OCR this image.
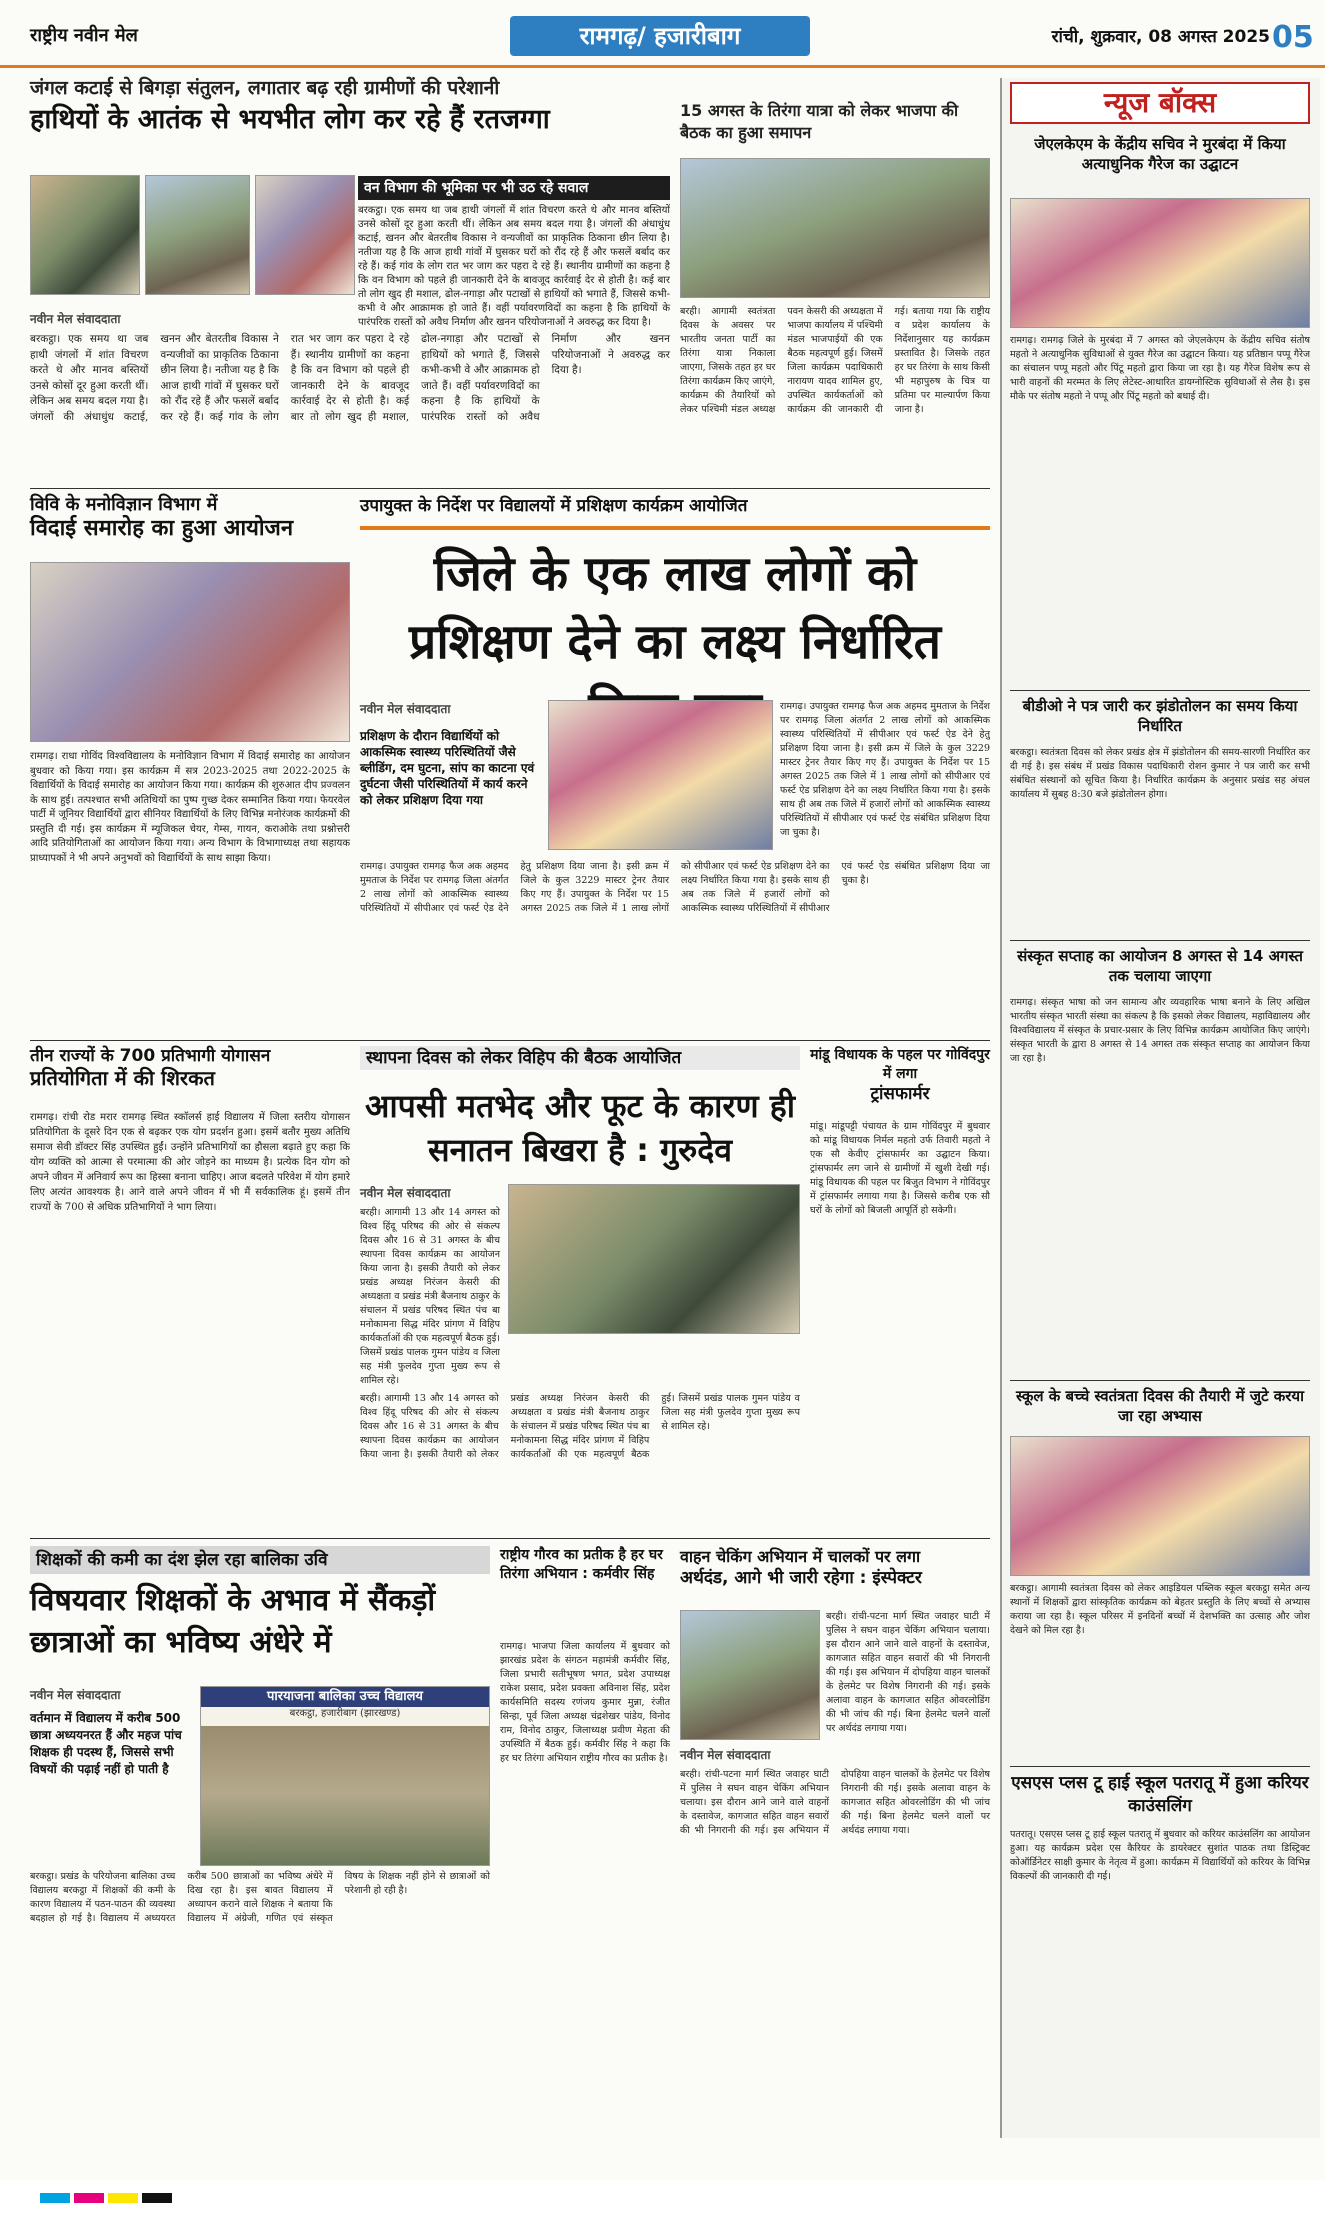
राष्ट्रीय नवीन मेल	रामगढ़/ हजारीबाग	रांची, शुक्रवार, 08 अगस्त 2025 05
जंगल कटाई से बिगड़ा संतुलन, लगातार बढ़ रही ग्रामीणों की परेशानी
हाथियों के आतंक से भयभीत लोग कर रहे हैं रतजग्गा
वन विभाग की भूमिका पर भी उठ रहे सवाल
बरकट्ठा। एक समय था जब हाथी जंगलों में शांत विचरण करते थे और मानव बस्तियों उनसे कोसों दूर हुआ करती थीं। लेकिन अब समय बदल गया है। जंगलों की अंधाधुंध कटाई, खनन और बेतरतीब विकास ने वन्यजीवों का प्राकृतिक ठिकाना छीन लिया है। नतीजा यह है कि आज हाथी गांवों में घुसकर घरों को रौंद रहे हैं और फसलें बर्बाद कर रहे हैं। कई गांव के लोग रात भर जाग कर पहरा दे रहे हैं। स्थानीय ग्रामीणों का कहना है कि वन विभाग को पहले ही जानकारी देने के बावजूद कार्रवाई देर से होती है। कई बार तो लोग खुद ही मशाल, ढोल-नगाड़ा और पटाखों से हाथियों को भगाते हैं, जिससे कभी-कभी वे और आक्रामक हो जाते हैं। वहीं पर्यावरणविदों का कहना है कि हाथियों के पारंपरिक रास्तों को अवैध निर्माण और खनन परियोजनाओं ने अवरुद्ध कर दिया है।
नवीन मेल संवाददाता
बरकट्ठा। एक समय था जब हाथी जंगलों में शांत विचरण करते थे और मानव बस्तियों उनसे कोसों दूर हुआ करती थीं। लेकिन अब समय बदल गया है। जंगलों की अंधाधुंध कटाई, खनन और बेतरतीब विकास ने वन्यजीवों का प्राकृतिक ठिकाना छीन लिया है। नतीजा यह है कि आज हाथी गांवों में घुसकर घरों को रौंद रहे हैं और फसलें बर्बाद कर रहे हैं। कई गांव के लोग रात भर जाग कर पहरा दे रहे हैं। स्थानीय ग्रामीणों का कहना है कि वन विभाग को पहले ही जानकारी देने के बावजूद कार्रवाई देर से होती है। कई बार तो लोग खुद ही मशाल, ढोल-नगाड़ा और पटाखों से हाथियों को भगाते हैं, जिससे कभी-कभी वे और आक्रामक हो जाते हैं। वहीं पर्यावरणविदों का कहना है कि हाथियों के पारंपरिक रास्तों को अवैध निर्माण और खनन परियोजनाओं ने अवरुद्ध कर दिया है।
15 अगस्त के तिरंगा यात्रा को लेकर भाजपा की बैठक का हुआ समापन
बरही। आगामी स्वतंत्रता दिवस के अवसर पर भारतीय जनता पार्टी का तिरंगा यात्रा निकाला जाएगा, जिसके तहत हर घर तिरंगा कार्यक्रम किए जाएंगे, कार्यक्रम की तैयारियों को लेकर पश्चिमी मंडल अध्यक्ष पवन केसरी की अध्यक्षता में भाजपा कार्यालय में पश्चिमी मंडल भाजपाईयों की एक बैठक महत्वपूर्ण हुई। जिसमें जिला कार्यक्रम पदाधिकारी नारायण यादव शामिल हुए, उपस्थित कार्यकर्ताओं को कार्यक्रम की जानकारी दी गई। बताया गया कि राष्ट्रीय व प्रदेश कार्यालय के निर्देशानुसार यह कार्यक्रम प्रस्तावित है। जिसके तहत हर घर तिरंगा के साथ किसी भी महापुरुष के चित्र या प्रतिमा पर माल्यार्पण किया जाना है।
विवि के मनोविज्ञान विभाग में
विदाई समारोह का हुआ आयोजन
रामगढ़। राधा गोविंद विश्वविद्यालय के मनोविज्ञान विभाग में विदाई समारोह का आयोजन बुधवार को किया गया। इस कार्यक्रम में सत्र 2023-2025 तथा 2022-2025 के विद्यार्थियों के विदाई समारोह का आयोजन किया गया। कार्यक्रम की शुरुआत दीप प्रज्वलन के साथ हुई। तत्पश्चात सभी अतिथियों का पुष्प गुच्छ देकर सम्मानित किया गया। फेयरवेल पार्टी में जूनियर विद्यार्थियों द्वारा सीनियर विद्यार्थियों के लिए विभिन्न मनोरंजक कार्यक्रमों की प्रस्तुति दी गई। इस कार्यक्रम में म्यूजिकल चेयर, गेम्स, गायन, कराओके तथा प्रश्नोत्तरी आदि प्रतियोगिताओं का आयोजन किया गया। अन्य विभाग के विभागाध्यक्ष तथा सहायक प्राध्यापकों ने भी अपने अनुभवों को विद्यार्थियों के साथ साझा किया।
उपायुक्त के निर्देश पर विद्यालयों में प्रशिक्षण कार्यक्रम आयोजित
जिले के एक लाख लोगों को प्रशिक्षण देने का लक्ष्य निर्धारित
नवीन मेल संवाददाता
प्रशिक्षण के दौरान विद्यार्थियों को आकस्मिक स्वास्थ्य परिस्थितियों जैसे ब्लीडिंग, दम घुटना, सांप का काटना एवं दुर्घटना जैसी परिस्थितियों में कार्य करने को लेकर प्रशिक्षण दिया गया
रामगढ़। उपायुक्त रामगढ़ फैज अक अहमद मुमताज के निर्देश पर रामगढ़ जिला अंतर्गत 2 लाख लोगों को आकस्मिक स्वास्थ्य परिस्थितियों में सीपीआर एवं फर्स्ट ऐड देने हेतु प्रशिक्षण दिया जाना है। इसी क्रम में जिले के कुल 3229 मास्टर ट्रेनर तैयार किए गए हैं। उपायुक्त के निर्देश पर 15 अगस्त 2025 तक जिले में 1 लाख लोगों को सीपीआर एवं फर्स्ट ऐड प्रशिक्षण देने का लक्ष्य निर्धारित किया गया है। इसके साथ ही अब तक जिले में हजारों लोगों को आकस्मिक स्वास्थ्य परिस्थितियों में सीपीआर एवं फर्स्ट ऐड संबंधित प्रशिक्षण दिया जा चुका है।
रामगढ़। उपायुक्त रामगढ़ फैज अक अहमद मुमताज के निर्देश पर रामगढ़ जिला अंतर्गत 2 लाख लोगों को आकस्मिक स्वास्थ्य परिस्थितियों में सीपीआर एवं फर्स्ट ऐड देने हेतु प्रशिक्षण दिया जाना है। इसी क्रम में जिले के कुल 3229 मास्टर ट्रेनर तैयार किए गए हैं। उपायुक्त के निर्देश पर 15 अगस्त 2025 तक जिले में 1 लाख लोगों को सीपीआर एवं फर्स्ट ऐड प्रशिक्षण देने का लक्ष्य निर्धारित किया गया है। इसके साथ ही अब तक जिले में हजारों लोगों को आकस्मिक स्वास्थ्य परिस्थितियों में सीपीआर एवं फर्स्ट ऐड संबंधित प्रशिक्षण दिया जा चुका है।
तीन राज्यों के 700 प्रतिभागी योगासन
प्रतियोगिता में की शिरकत
रामगढ़। रांची रोड मरार रामगढ़ स्थित स्कॉलर्स हाई विद्यालय में जिला स्तरीय योगासन प्रतियोगिता के दूसरे दिन एक से बढ़कर एक योग प्रदर्शन हुआ। इसमें बतौर मुख्य अतिथि समाज सेवी डॉक्टर सिंह उपस्थित हुईं। उन्होंने प्रतिभागियों का हौसला बढ़ाते हुए कहा कि योग व्यक्ति को आत्मा से परमात्मा की ओर जोड़ने का माध्यम है। प्रत्येक दिन योग को अपने जीवन में अनिवार्य रूप का हिस्सा बनाना चाहिए। आज बदलते परिवेश में योग हमारे लिए अत्यंत आवश्यक है। आने वाले अपने जीवन में भी मैं सर्वकालिक हूं। इसमें तीन राज्यों के 700 से अधिक प्रतिभागियों ने भाग लिया।
स्थापना दिवस को लेकर विहिप की बैठक आयोजित
आपसी मतभेद और फूट के कारण ही सनातन बिखरा है : गुरुदेव
नवीन मेल संवाददाता
बरही। आगामी 13 और 14 अगस्त को विश्व हिंदू परिषद की ओर से संकल्प दिवस और 16 से 31 अगस्त के बीच स्थापना दिवस कार्यक्रम का आयोजन किया जाना है। इसकी तैयारी को लेकर प्रखंड अध्यक्ष निरंजन केसरी की अध्यक्षता व प्रखंड मंत्री बैजनाथ ठाकुर के संचालन में प्रखंड परिषद स्थित पंच बा मनोकामना सिद्ध मंदिर प्रांगण में विहिप कार्यकर्ताओं की एक महत्वपूर्ण बैठक हुई। जिसमें प्रखंड पालक गुमन पांडेय व जिला सह मंत्री फुलदेव गुप्ता मुख्य रूप से शामिल रहे।
बरही। आगामी 13 और 14 अगस्त को विश्व हिंदू परिषद की ओर से संकल्प दिवस और 16 से 31 अगस्त के बीच स्थापना दिवस कार्यक्रम का आयोजन किया जाना है। इसकी तैयारी को लेकर प्रखंड अध्यक्ष निरंजन केसरी की अध्यक्षता व प्रखंड मंत्री बैजनाथ ठाकुर के संचालन में प्रखंड परिषद स्थित पंच बा मनोकामना सिद्ध मंदिर प्रांगण में विहिप कार्यकर्ताओं की एक महत्वपूर्ण बैठक हुई। जिसमें प्रखंड पालक गुमन पांडेय व जिला सह मंत्री फुलदेव गुप्ता मुख्य रूप से शामिल रहे।
मांडू विधायक के पहल पर गोविंदपुर में लगा
ट्रांसफार्मर
मांडू। मांडूपट्टी पंचायत के ग्राम गोविंदपुर में बुधवार को मांडू विधायक निर्मल महतो उर्फ तिवारी महतो ने एक सौ केवीए ट्रांसफार्मर का उद्घाटन किया। ट्रांसफार्मर लग जाने से ग्रामीणों में खुशी देखी गई। मांडू विधायक की पहल पर बिजुत विभाग ने गोविंदपुर में ट्रांसफार्मर लगाया गया है। जिससे करीब एक सौ घरों के लोगों को बिजली आपूर्ति हो सकेगी।
राष्ट्रीय गौरव का प्रतीक है हर घर तिरंगा अभियान : कर्मवीर सिंह
रामगढ़। भाजपा जिला कार्यालय में बुधवार को झारखंड प्रदेश के संगठन महामंत्री कर्मवीर सिंह, जिला प्रभारी सतीभूषण भगत, प्रदेश उपाध्यक्ष राकेश प्रसाद, प्रदेश प्रवक्ता अविनाश सिंह, प्रदेश कार्यसमिति सदस्य रणंजय कुमार मुन्ना, रंजीत सिन्हा, पूर्व जिला अध्यक्ष चंद्रशेखर पांडेय, विनोद राम, विनोद ठाकुर, जिलाध्यक्ष प्रवीण मेहता की उपस्थिति में बैठक हुई। कर्मवीर सिंह ने कहा कि हर घर तिरंगा अभियान राष्ट्रीय गौरव का प्रतीक है।
वाहन चेकिंग अभियान में चालकों पर लगा
अर्थदंड, आगे भी जारी रहेगा : इंस्पेक्टर
नवीन मेल संवाददाता
बरही। रांची-पटना मार्ग स्थित जवाहर घाटी में पुलिस ने सघन वाहन चेकिंग अभियान चलाया। इस दौरान आने जाने वाले वाहनों के दस्तावेज, कागजात सहित वाहन सवारों की भी निगरानी की गई। इस अभियान में दोपहिया वाहन चालकों के हेलमेट पर विशेष निगरानी की गई। इसके अलावा वाहन के कागजात सहित ओवरलोडिंग की भी जांच की गई। बिना हेलमेट चलने वालों पर अर्थदंड लगाया गया।
बरही। रांची-पटना मार्ग स्थित जवाहर घाटी में पुलिस ने सघन वाहन चेकिंग अभियान चलाया। इस दौरान आने जाने वाले वाहनों के दस्तावेज, कागजात सहित वाहन सवारों की भी निगरानी की गई। इस अभियान में दोपहिया वाहन चालकों के हेलमेट पर विशेष निगरानी की गई। इसके अलावा वाहन के कागजात सहित ओवरलोडिंग की भी जांच की गई। बिना हेलमेट चलने वालों पर अर्थदंड लगाया गया।
शिक्षकों की कमी का दंश झेल रहा बालिका उवि
विषयवार शिक्षकों के अभाव में सैंकड़ों छात्राओं का भविष्य अंधेरे में
नवीन मेल संवाददाता
वर्तमान में विद्यालय में करीब 500 छात्रा अध्ययनरत हैं और महज पांच शिक्षक ही पदस्थ हैं, जिससे सभी विषयों की पढ़ाई नहीं हो पाती है
पारयाजना बालिका उच्च विद्यालय
बरकट्ठा, हजारीबाग (झारखण्ड)
बरकट्ठा। प्रखंड के परियोजना बालिका उच्च विद्यालय बरकट्ठा में शिक्षकों की कमी के कारण विद्यालय में पठन-पाठन की व्यवस्था बदहाल हो गई है। विद्यालय में अध्ययरत करीब 500 छात्राओं का भविष्य अंधेरे में दिख रहा है। इस बावत विद्यालय में अध्यापन कराने वाले शिक्षक ने बताया कि विद्यालय में अंग्रेजी, गणित एवं संस्कृत विषय के शिक्षक नहीं होने से छात्राओं को परेशानी हो रही है।
न्यूज बॉक्स
जेएलकेएम के केंद्रीय सचिव ने मुरबंदा में किया अत्याधुनिक गैरेज का उद्घाटन
रामगढ़। रामगढ़ जिले के मुरबंदा में 7 अगस्त को जेएलकेएम के केंद्रीय सचिव संतोष महतो ने अत्याधुनिक सुविधाओं से युक्त गैरेज का उद्घाटन किया। यह प्रतिष्ठान पप्पू गैरेज का संचालन पप्पू महतो और पिंटू महतो द्वारा किया जा रहा है। यह गैरेज विशेष रूप से भारी वाहनों की मरम्मत के लिए लेटेस्ट-आधारित डायग्नोस्टिक सुविधाओं से लैस है। इस मौके पर संतोष महतो ने पप्पू और पिंटू महतो को बधाई दी।
बीडीओ ने पत्र जारी कर झंडोतोलन का समय किया निर्धारित
बरकट्ठा। स्वतंत्रता दिवस को लेकर प्रखंड क्षेत्र में झंडोतोलन की समय-सारणी निर्धारित कर दी गई है। इस संबंध में प्रखंड विकास पदाधिकारी रोशन कुमार ने पत्र जारी कर सभी संबंधित संस्थानों को सूचित किया है। निर्धारित कार्यक्रम के अनुसार प्रखंड सह अंचल कार्यालय में सुबह 8:30 बजे झंडोतोलन होगा।
संस्कृत सप्ताह का आयोजन 8 अगस्त से 14 अगस्त तक चलाया जाएगा
रामगढ़। संस्कृत भाषा को जन सामान्य और व्यवहारिक भाषा बनाने के लिए अखिल भारतीय संस्कृत भारती संस्था का संकल्प है कि इसको लेकर विद्यालय, महाविद्यालय और विश्वविद्यालय में संस्कृत के प्रचार-प्रसार के लिए विभिन्न कार्यक्रम आयोजित किए जाएंगे। संस्कृत भारती के द्वारा 8 अगस्त से 14 अगस्त तक संस्कृत सप्ताह का आयोजन किया जा रहा है।
स्कूल के बच्चे स्वतंत्रता दिवस की तैयारी में जुटे करया जा रहा अभ्यास
बरकट्ठा। आगामी स्वतंत्रता दिवस को लेकर आइडियल पब्लिक स्कूल बरकट्ठा समेत अन्य स्थानों में शिक्षकों द्वारा सांस्कृतिक कार्यक्रम को बेहतर प्रस्तुति के लिए बच्चों से अभ्यास कराया जा रहा है। स्कूल परिसर में इनदिनों बच्चों में देशभक्ति का उत्साह और जोश देखने को मिल रहा है।
एसएस प्लस टू हाई स्कूल पतरातू में हुआ करियर काउंसलिंग
पतरातू। एसएस प्लस टू हाई स्कूल पतरातू में बुधवार को करियर काउंसलिंग का आयोजन हुआ। यह कार्यक्रम प्रदेश एस कैरियर के डायरेक्टर सुशांत पाठक तथा डिस्ट्रिक्ट कोऑर्डिनेटर साक्षी कुमार के नेतृत्व में हुआ। कार्यक्रम में विद्यार्थियों को करियर के विभिन्न विकल्पों की जानकारी दी गई।
